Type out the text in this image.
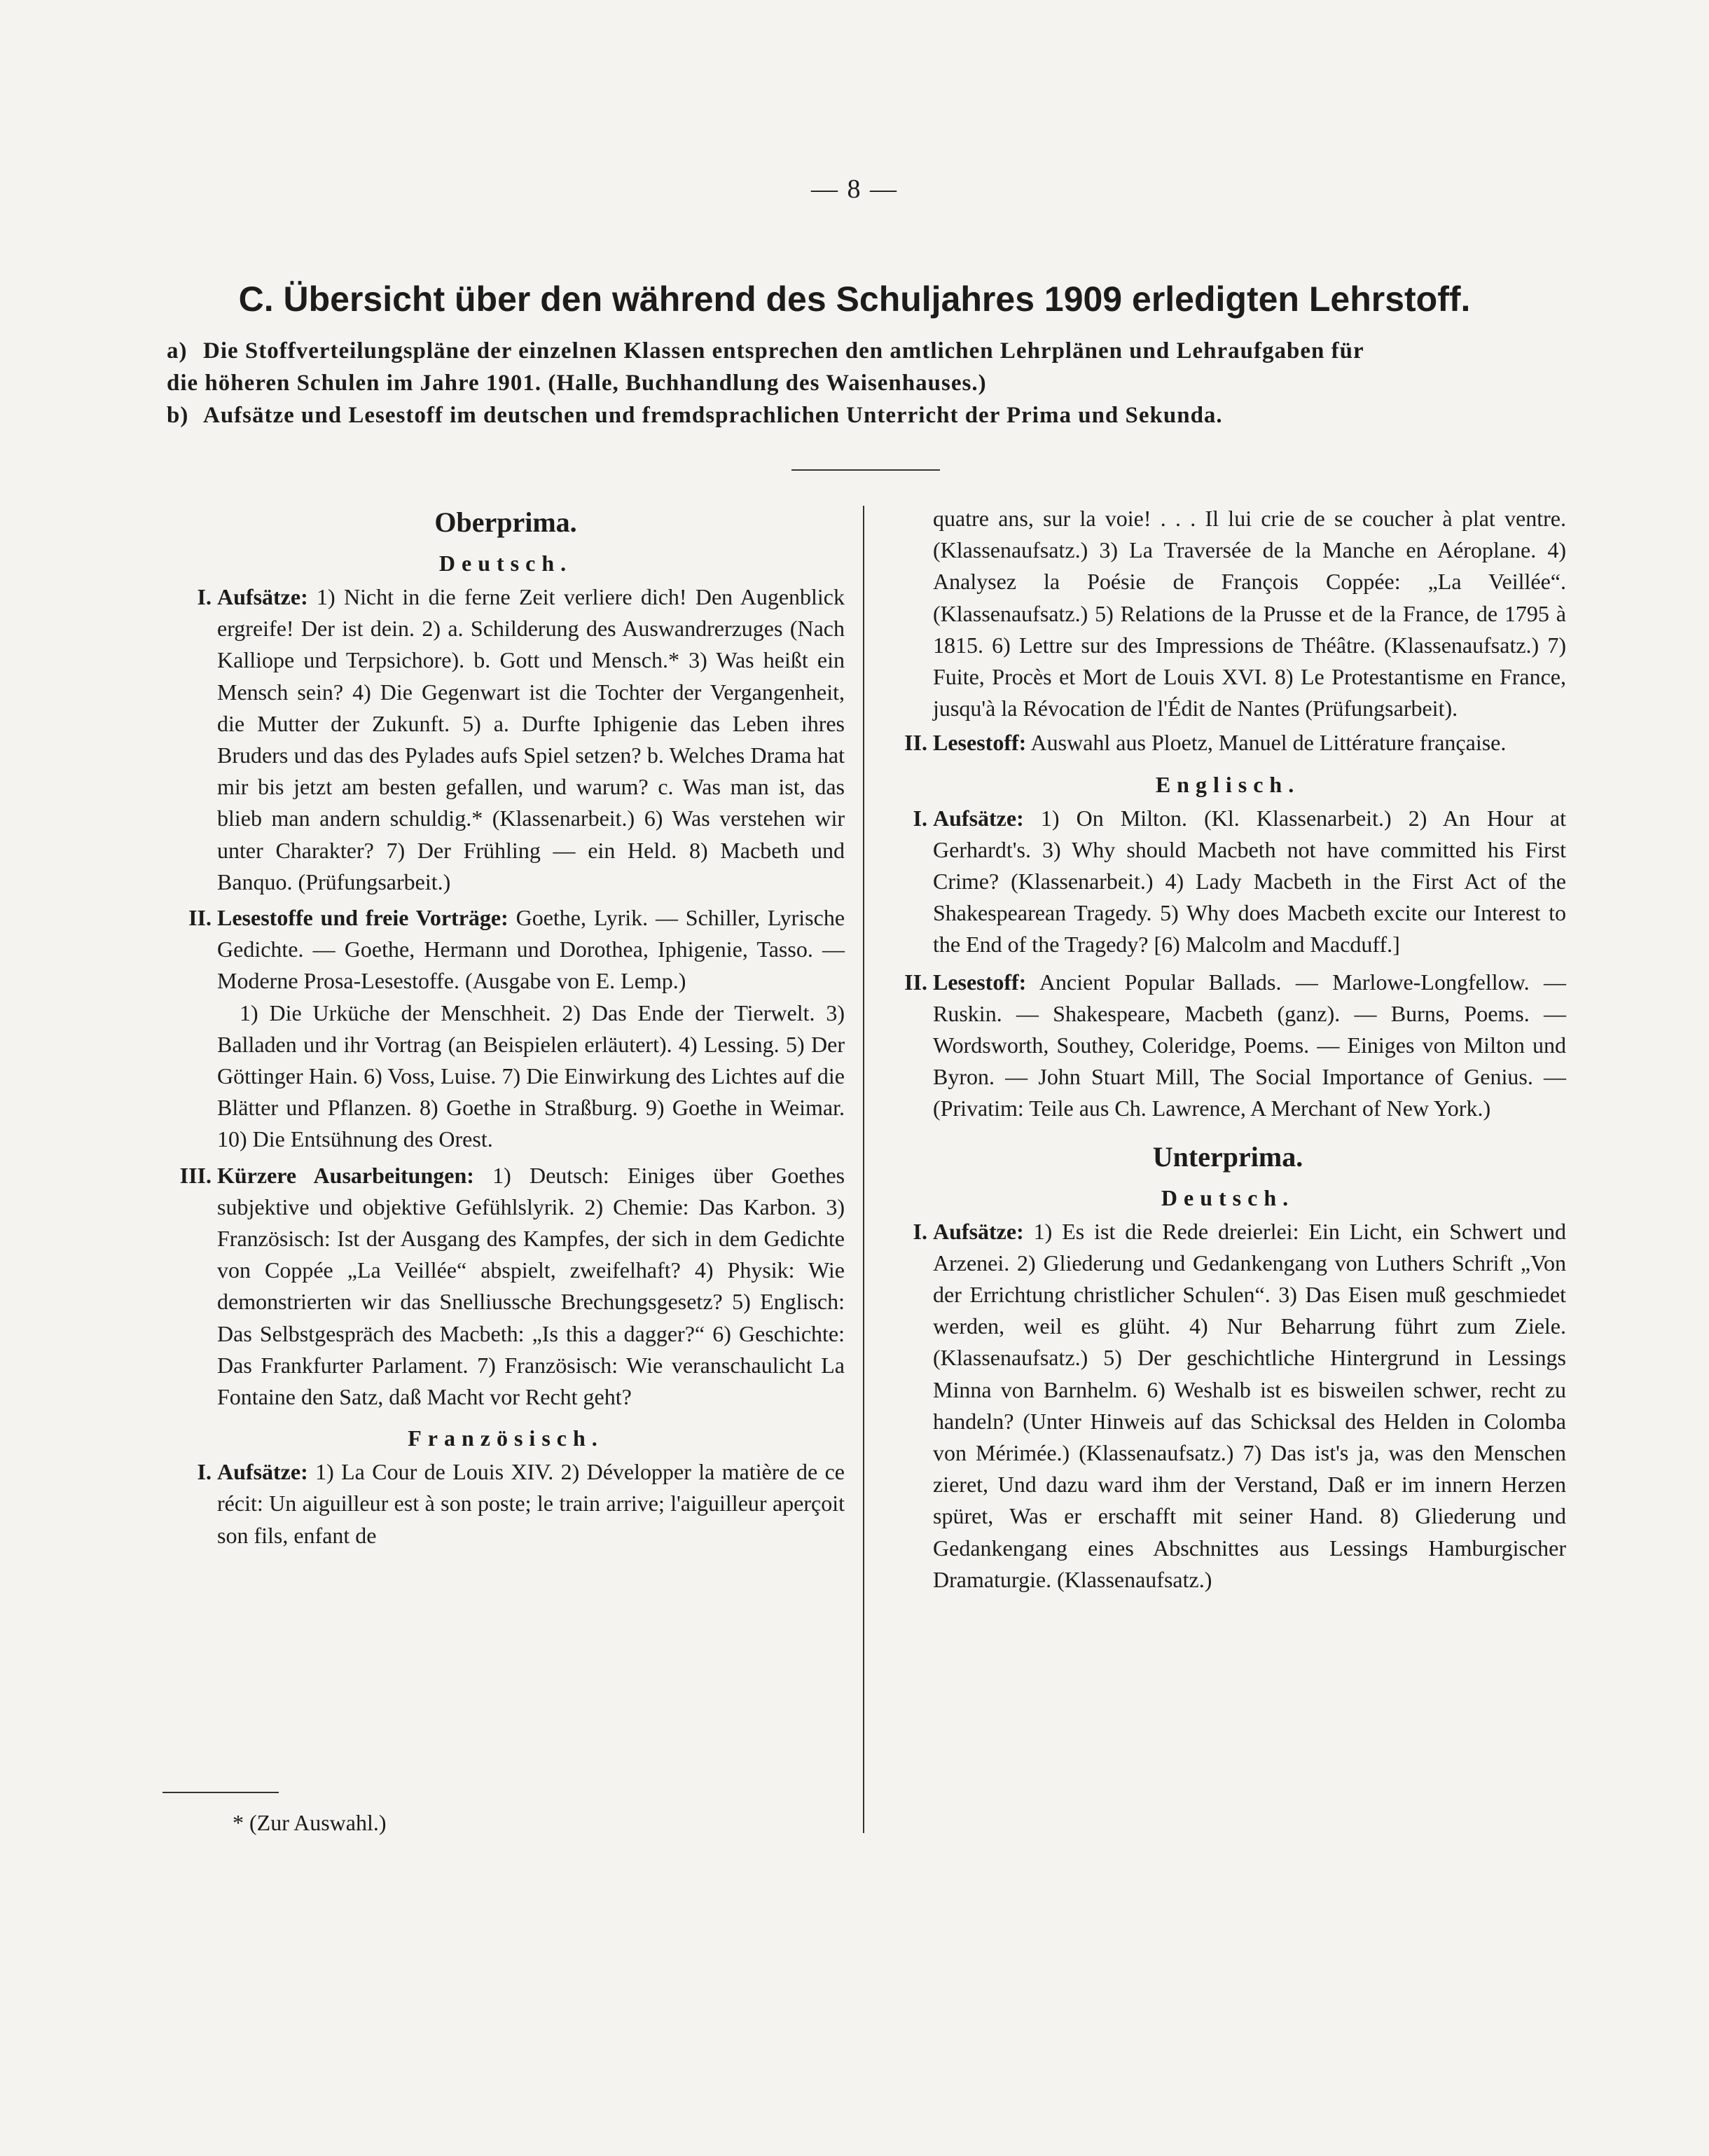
— 8 —
C. Übersicht über den während des Schuljahres 1909 erledigten Lehrstoff.
a) Die Stoffverteilungspläne der einzelnen Klassen entsprechen den amtlichen Lehrplänen und Lehraufgaben für
die höheren Schulen im Jahre 1901. (Halle, Buchhandlung des Waisenhauses.)
b) Aufsätze und Lesestoff im deutschen und fremdsprachlichen Unterricht der Prima und Sekunda.
Oberprima.
Deutsch.
I. Aufsätze: 1) Nicht in die ferne Zeit verliere dich! Den Augenblick ergreife! Der ist dein. 2) a. Schilderung des Auswandrerzuges (Nach Kalliope und Terpsichore). b. Gott und Mensch.* 3) Was heißt ein Mensch sein? 4) Die Gegenwart ist die Tochter der Vergangenheit, die Mutter der Zukunft. 5) a. Durfte Iphigenie das Leben ihres Bruders und das des Pylades aufs Spiel setzen? b. Welches Drama hat mir bis jetzt am besten gefallen, und warum? c. Was man ist, das blieb man andern schuldig.* (Klassenarbeit.) 6) Was verstehen wir unter Charakter? 7) Der Frühling — ein Held. 8) Macbeth und Banquo. (Prüfungsarbeit.)
II. Lesestoffe und freie Vorträge: Goethe, Lyrik. — Schiller, Lyrische Gedichte. — Goethe, Hermann und Dorothea, Iphigenie, Tasso. — Moderne Prosa-Lesestoffe. (Ausgabe von E. Lemp.)
1) Die Urküche der Menschheit. 2) Das Ende der Tierwelt. 3) Balladen und ihr Vortrag (an Beispielen erläutert). 4) Lessing. 5) Der Göttinger Hain. 6) Voss, Luise. 7) Die Einwirkung des Lichtes auf die Blätter und Pflanzen. 8) Goethe in Straßburg. 9) Goethe in Weimar. 10) Die Entsühnung des Orest.
III. Kürzere Ausarbeitungen: 1) Deutsch: Einiges über Goethes subjektive und objektive Gefühlslyrik. 2) Chemie: Das Karbon. 3) Französisch: Ist der Ausgang des Kampfes, der sich in dem Gedichte von Coppée „La Veillée“ abspielt, zweifelhaft? 4) Physik: Wie demonstrierten wir das Snelliussche Brechungsgesetz? 5) Englisch: Das Selbstgespräch des Macbeth: „Is this a dagger?“ 6) Geschichte: Das Frankfurter Parlament. 7) Französisch: Wie veranschaulicht La Fontaine den Satz, daß Macht vor Recht geht?
Französisch.
I. Aufsätze: 1) La Cour de Louis XIV. 2) Développer la matière de ce récit: Un aiguilleur est à son poste; le train arrive; l'aiguilleur aperçoit son fils, enfant de
* (Zur Auswahl.)
quatre ans, sur la voie! . . . Il lui crie de se coucher à plat ventre. (Klassenaufsatz.) 3) La Traversée de la Manche en Aéroplane. 4) Analysez la Poésie de François Coppée: „La Veillée“. (Klassenaufsatz.) 5) Relations de la Prusse et de la France, de 1795 à 1815. 6) Lettre sur des Impressions de Théâtre. (Klassenaufsatz.) 7) Fuite, Procès et Mort de Louis XVI. 8) Le Protestantisme en France, jusqu'à la Révocation de l'Édit de Nantes (Prüfungsarbeit).
II. Lesestoff: Auswahl aus Ploetz, Manuel de Littérature française.
Englisch.
I. Aufsätze: 1) On Milton. (Kl. Klassenarbeit.) 2) An Hour at Gerhardt's. 3) Why should Macbeth not have committed his First Crime? (Klassenarbeit.) 4) Lady Macbeth in the First Act of the Shakespearean Tragedy. 5) Why does Macbeth excite our Interest to the End of the Tragedy? [6) Malcolm and Macduff.]
II. Lesestoff: Ancient Popular Ballads. — Marlowe-Longfellow. — Ruskin. — Shakespeare, Macbeth (ganz). — Burns, Poems. — Wordsworth, Southey, Coleridge, Poems. — Einiges von Milton und Byron. — John Stuart Mill, The Social Importance of Genius. — (Privatim: Teile aus Ch. Lawrence, A Merchant of New York.)
Unterprima.
Deutsch.
I. Aufsätze: 1) Es ist die Rede dreierlei: Ein Licht, ein Schwert und Arzenei. 2) Gliederung und Gedankengang von Luthers Schrift „Von der Errichtung christlicher Schulen“. 3) Das Eisen muß geschmiedet werden, weil es glüht. 4) Nur Beharrung führt zum Ziele. (Klassenaufsatz.) 5) Der geschichtliche Hintergrund in Lessings Minna von Barnhelm. 6) Weshalb ist es bisweilen schwer, recht zu handeln? (Unter Hinweis auf das Schicksal des Helden in Colomba von Mérimée.) (Klassenaufsatz.) 7) Das ist's ja, was den Menschen zieret, Und dazu ward ihm der Verstand, Daß er im innern Herzen spüret, Was er erschafft mit seiner Hand. 8) Gliederung und Gedankengang eines Abschnittes aus Lessings Hamburgischer Dramaturgie. (Klassenaufsatz.)
